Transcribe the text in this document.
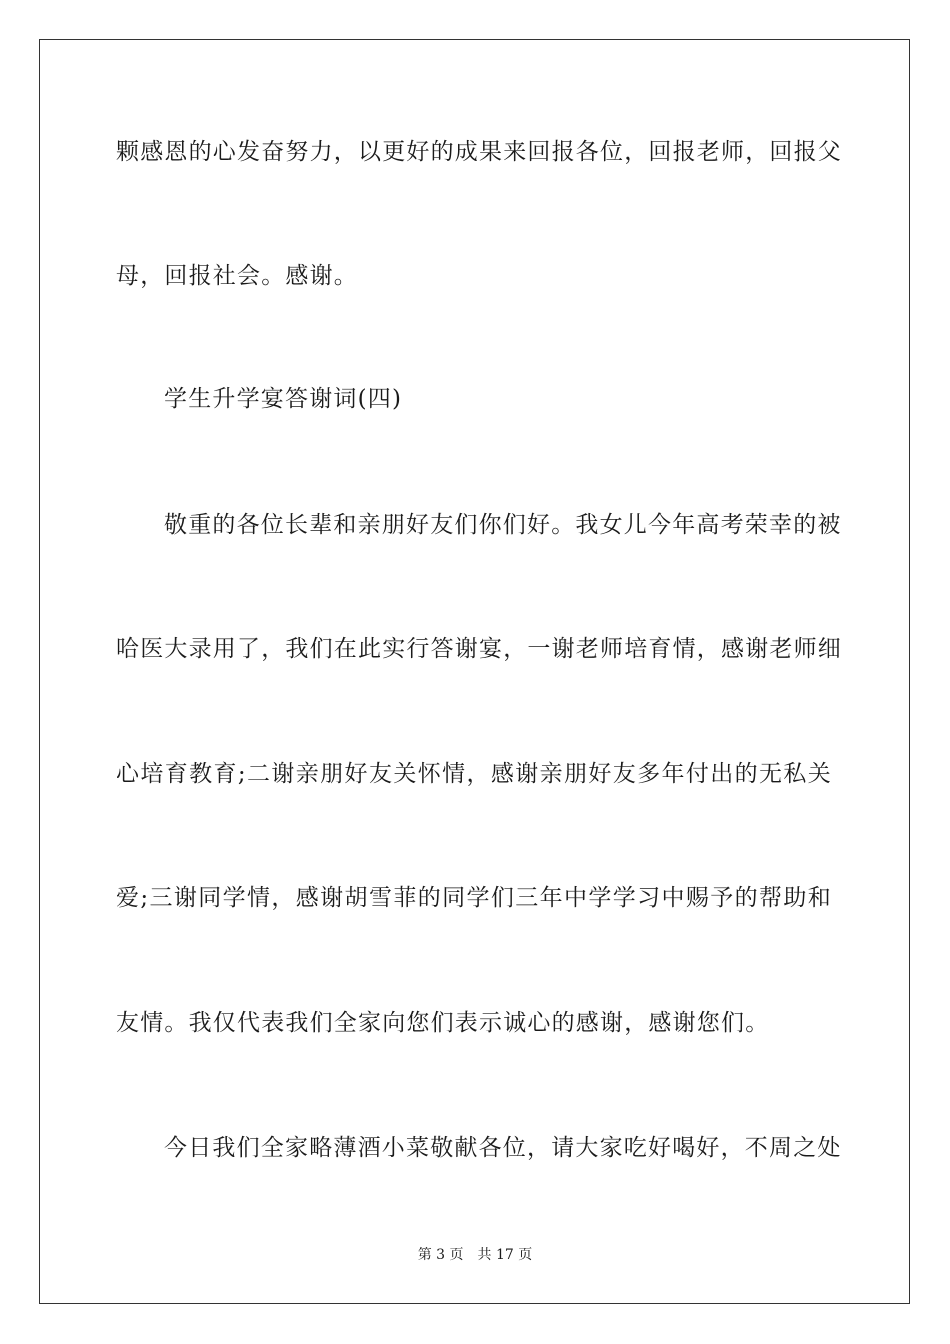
颗感恩的心发奋努力，以更好的成果来回报各位，回报老师，回报父
母，回报社会。感谢。
学生升学宴答谢词(四)
敬重的各位长辈和亲朋好友们你们好。我女儿今年高考荣幸的被
哈医大录用了，我们在此实行答谢宴，一谢老师培育情，感谢老师细
心培育教育;二谢亲朋好友关怀情，感谢亲朋好友多年付出的无私关
爱;三谢同学情，感谢胡雪菲的同学们三年中学学习中赐予的帮助和
友情。我仅代表我们全家向您们表示诚心的感谢，感谢您们。
今日我们全家略薄酒小菜敬献各位，请大家吃好喝好，不周之处
第 3 页 共 17 页
